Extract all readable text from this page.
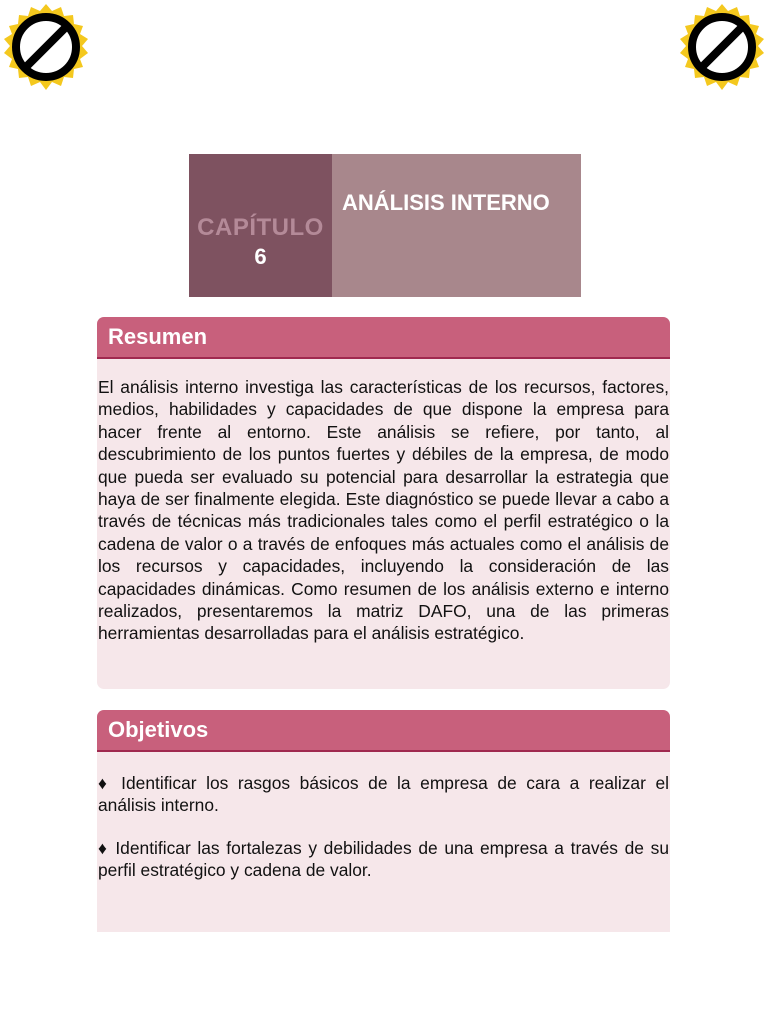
CAPÍTULO
6
ANÁLISIS INTERNO
Resumen

El análisis interno investiga las características de los recursos, factores, medios, habilidades y capacidades de que dispone la empresa para hacer frente al entorno. Este análisis se refiere, por tanto, al descubrimiento de los puntos fuertes y débiles de la empresa, de modo que pueda ser evaluado su potencial para desarrollar la estrategia que haya de ser finalmente elegida. Este diagnóstico se puede llevar a cabo a través de técnicas más tradicionales tales como el perfil estratégico o la cadena de valor o a través de enfoques más actuales como el análisis de los recursos y capacidades, incluyendo la consideración de las capacidades dinámicas. Como resumen de los análisis externo e interno realizados, presentaremos la matriz DAFO, una de las primeras herramientas desarrolladas para el análisis estratégico.

Objetivos

♦ Identificar los rasgos básicos de la empresa de cara a realizar el análisis interno.

♦ Identificar las fortalezas y debilidades de una empresa a través de su perfil estratégico y cadena de valor.
